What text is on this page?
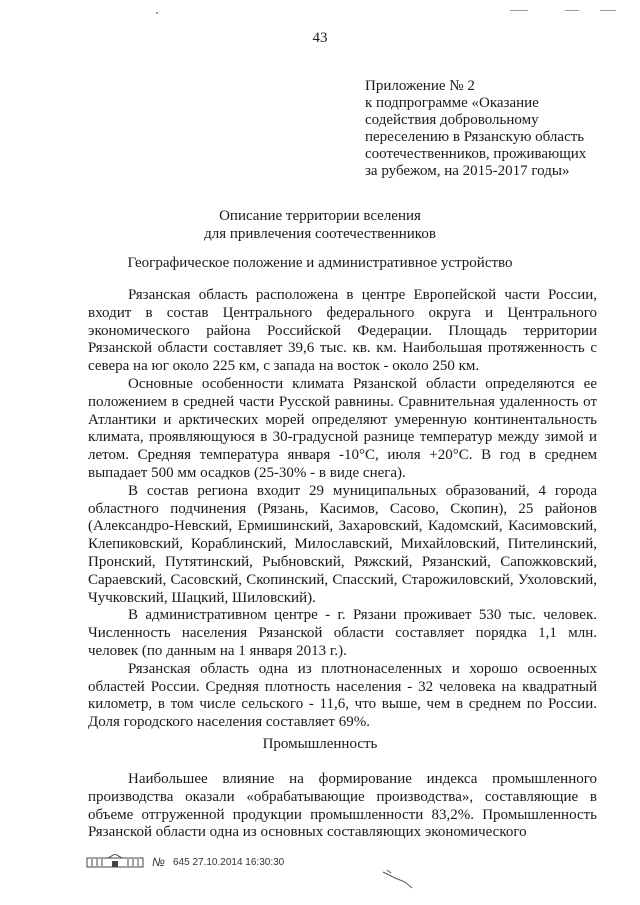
43
Приложение № 2
к подпрограмме «Оказание
содействия добровольному
переселению в Рязанскую область
соотечественников, проживающих
за рубежом, на 2015-2017 годы»
Описание территории вселения
для привлечения соотечественников
Географическое положение и административное устройство

Рязанская область расположена в центре Европейской части России, входит в состав Центрального федерального округа и Центрального экономического района Российской Федерации. Площадь территории Рязанской области составляет 39,6 тыс. кв. км. Наибольшая протяженность с севера на юг около 225 км, с запада на восток - около 250 км.

Основные особенности климата Рязанской области определяются ее положением в средней части Русской равнины. Сравнительная удаленность от Атлантики и арктических морей определяют умеренную континентальность климата, проявляющуюся в 30-градусной разнице температур между зимой и летом. Средняя температура января -10°С, июля +20°С. В год в среднем выпадает 500 мм осадков (25-30% - в виде снега).

В состав региона входит 29 муниципальных образований, 4 города областного подчинения (Рязань, Касимов, Сасово, Скопин), 25 районов (Александро-Невский, Ермишинский, Захаровский, Кадомский, Касимовский, Клепиковский, Кораблинский, Милославский, Михайловский, Пителинский, Пронский, Путятинский, Рыбновский, Ряжский, Рязанский, Сапожковский, Сараевский, Сасовский, Скопинский, Спасский, Старожиловский, Ухоловский, Чучковский, Шацкий, Шиловский).

В административном центре - г. Рязани проживает 530 тыс. человек. Численность населения Рязанской области составляет порядка 1,1 млн. человек (по данным на 1 января 2013 г.).

Рязанская область одна из плотнонаселенных и хорошо освоенных областей России. Средняя плотность населения - 32 человека на квадратный километр, в том числе сельского - 11,6, что выше, чем в среднем по России. Доля городского населения составляет 69%.

Промышленность

Наибольшее влияние на формирование индекса промышленного производства оказали «обрабатывающие производства», составляющие в объеме отгруженной продукции промышленности 83,2%. Промышленность Рязанской области одна из основных составляющих экономического

№ 645 27.10.2014 16:30:30
